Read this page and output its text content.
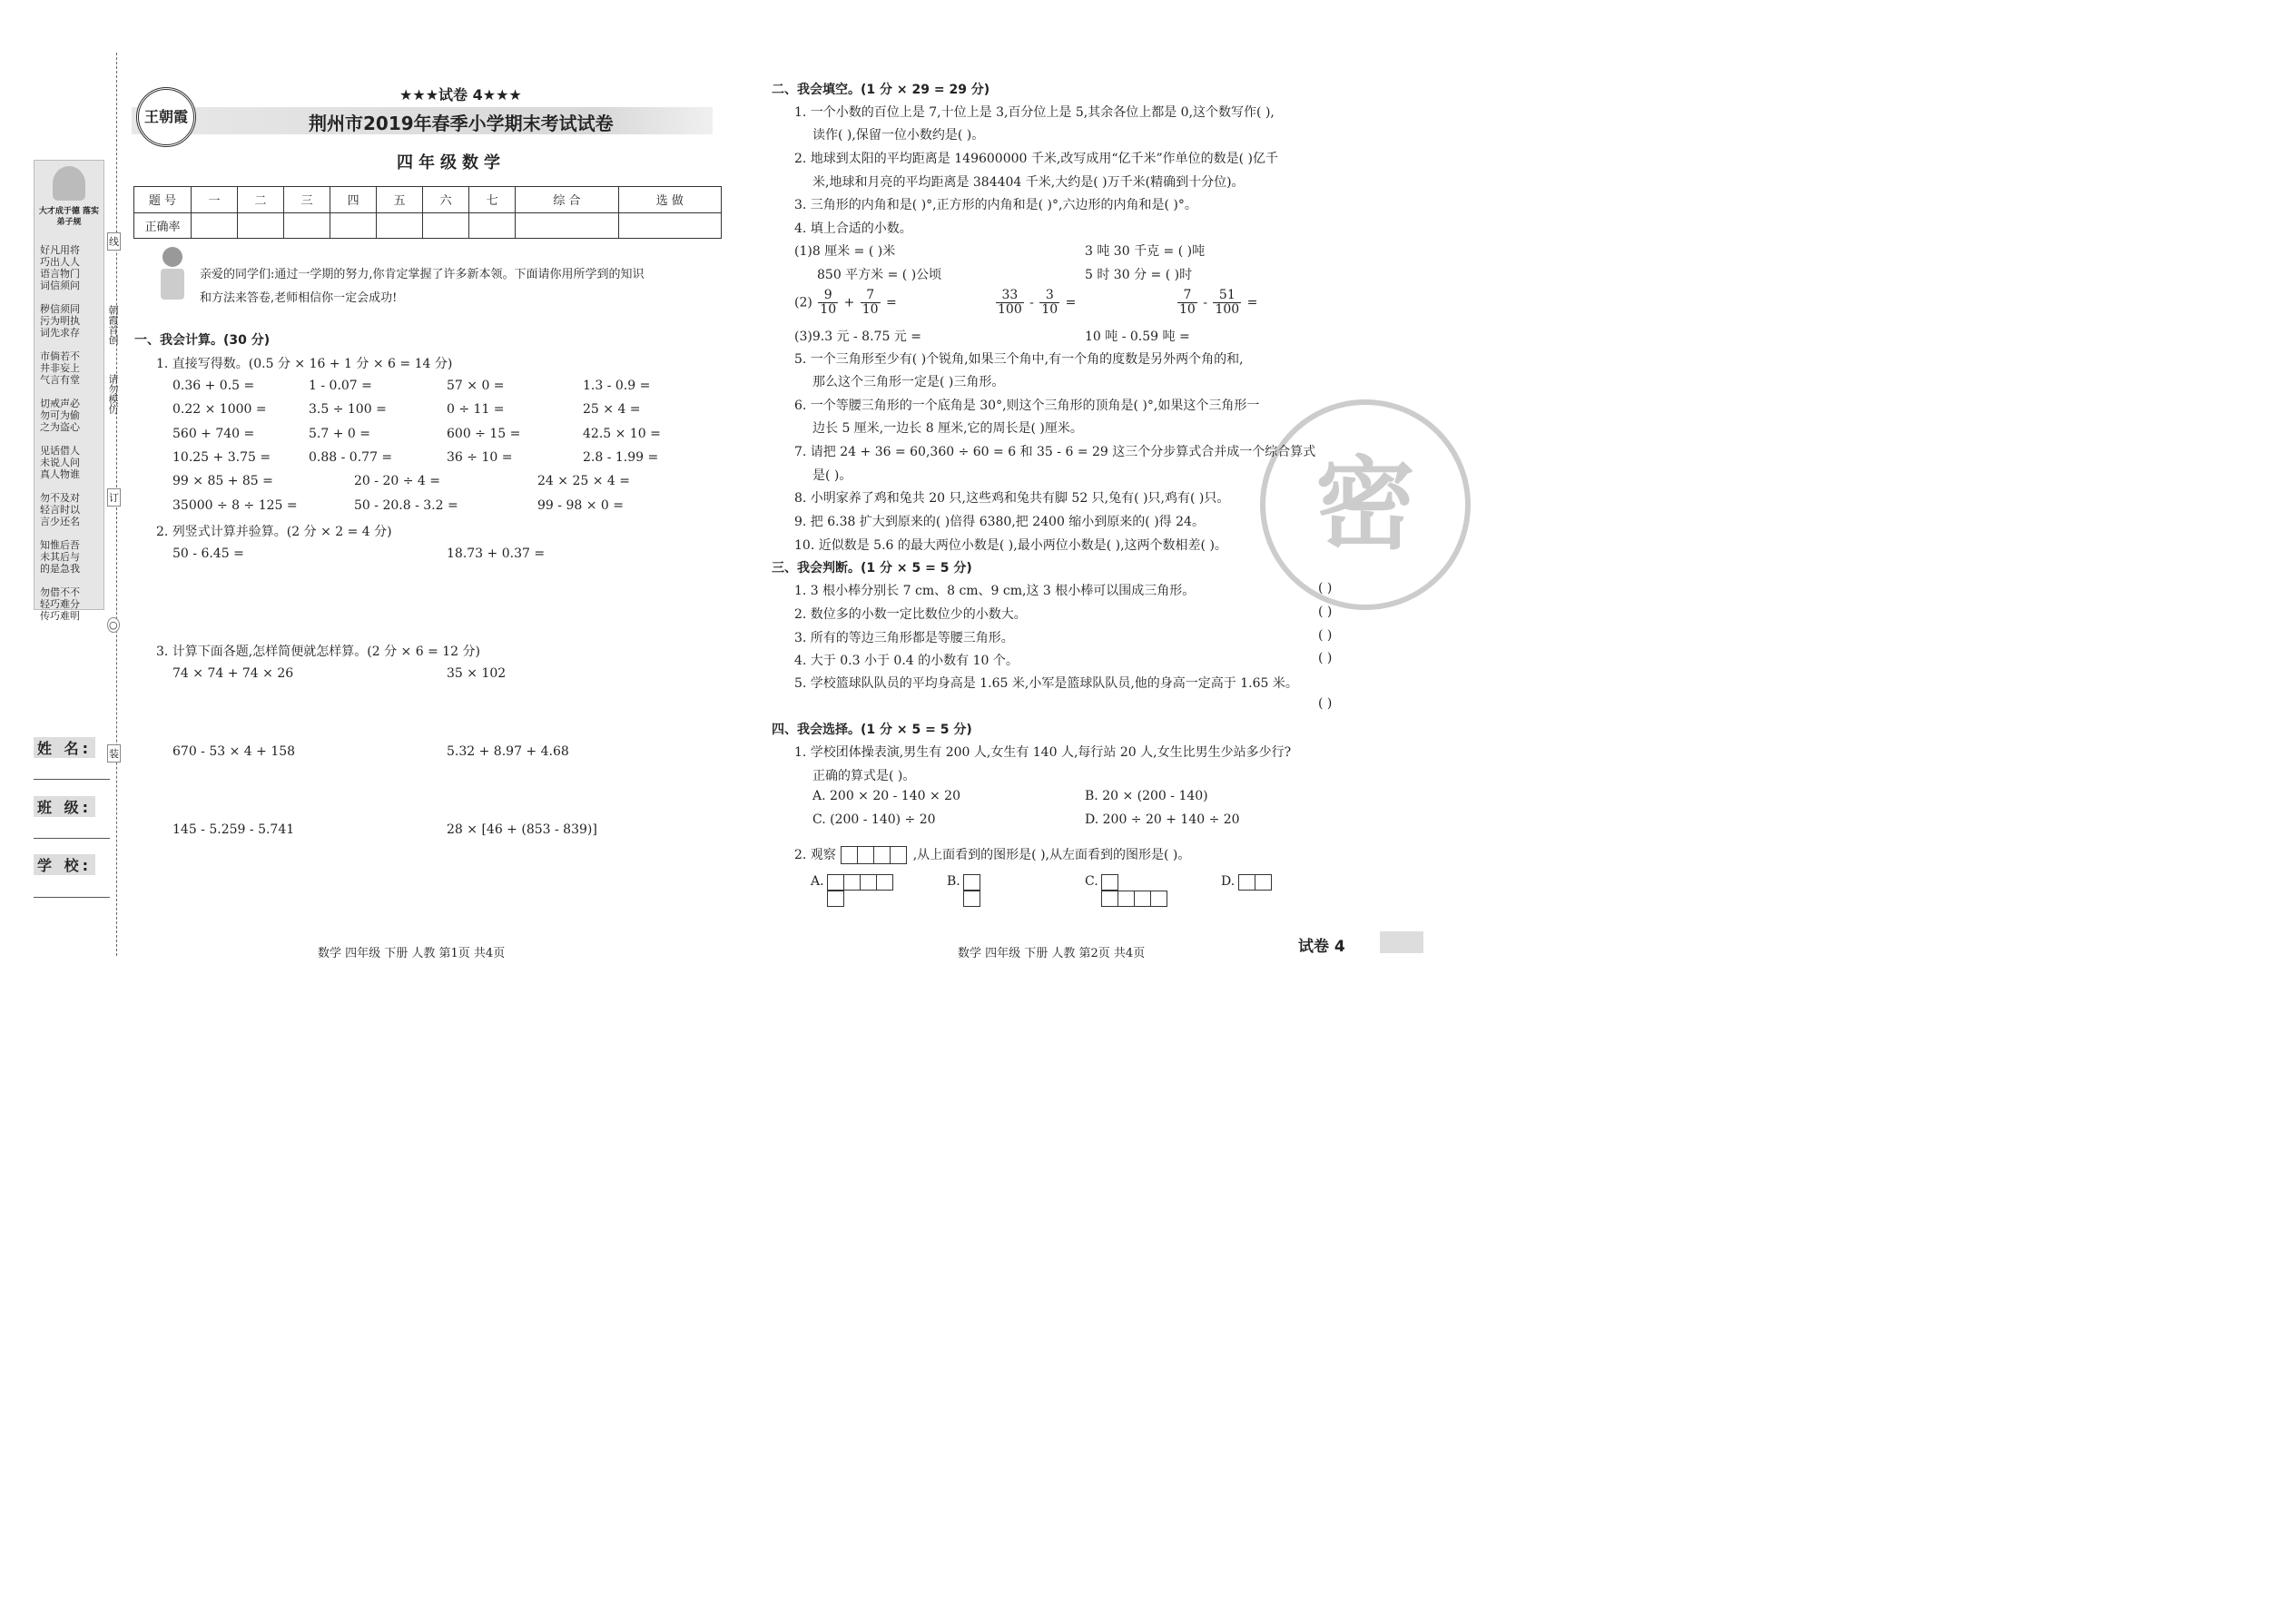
大才成于德 落实弟子规
好凡用将
巧出人人
语言物门
词信须问

秽信须同
污为明执
词先求存

市倘若不
井非妄上
气言有堂

切戒声必
勿可为偷
之为盗心

见话借人
未说人问
真人物谁

勿不及对
轻言时以
言少还名

知惟后吾
未其后与
的是急我

勿借不不
轻巧难分
传巧难明
线
朝霞首创
请勿模仿
订
○
装
姓 名:
班 级:
学 校:
王朝霞
★★★试卷 4★★★
荆州市2019年春季小学期末考试试卷
四年级数学
题 号	一	二	三	四	五	六	七	综 合	选 做
正确率									
亲爱的同学们:通过一学期的努力,你肯定掌握了许多新本领。下面请你用所学到的知识
和方法来答卷,老师相信你一定会成功!
一、我会计算。(30 分)
1. 直接写得数。(0.5 分 × 16 + 1 分 × 6 = 14 分)
0.36 + 0.5 =	1 - 0.07 =	57 × 0 =	1.3 - 0.9 =
0.22 × 1000 =	3.5 ÷ 100 =	0 ÷ 11 =	25 × 4 =
560 + 740 =	5.7 + 0 =	600 ÷ 15 =	42.5 × 10 =
10.25 + 3.75 =	0.88 - 0.77 =	36 ÷ 10 =	2.8 - 1.99 =
99 × 85 + 85 =	20 - 20 ÷ 4 =	24 × 25 × 4 =
35000 ÷ 8 ÷ 125 =	50 - 20.8 - 3.2 =	99 - 98 × 0 =
2. 列竖式计算并验算。(2 分 × 2 = 4 分)
50 - 6.45 =	18.73 + 0.37 =
3. 计算下面各题,怎样简便就怎样算。(2 分 × 6 = 12 分)
74 × 74 + 74 × 26	35 × 102
670 - 53 × 4 + 158	5.32 + 8.97 + 4.68
145 - 5.259 - 5.741	28 × [46 + (853 - 839)]
数学 四年级 下册 人教 第1页 共4页
密
二、我会填空。(1 分 × 29 = 29 分)
1. 一个小数的百位上是 7,十位上是 3,百分位上是 5,其余各位上都是 0,这个数写作( ),
读作( ),保留一位小数约是( )。
2. 地球到太阳的平均距离是 149600000 千米,改写成用“亿千米”作单位的数是( )亿千
米,地球和月亮的平均距离是 384404 千米,大约是( )万千米(精确到十分位)。
3. 三角形的内角和是( )°,正方形的内角和是( )°,六边形的内角和是( )°。
4. 填上合适的小数。
(1)8 厘米 = ( )米	3 吨 30 千克 = ( )吨
850 平方米 = ( )公顷	5 时 30 分 = ( )时
$(2) \frac{9}{10} + \frac{7}{10}$ =	$\frac{33}{100} - \frac{3}{10}$ =	$\frac{7}{10} - \frac{51}{100}$ =
(3)9.3 元 - 8.75 元 =	10 吨 - 0.59 吨 =
5. 一个三角形至少有( )个锐角,如果三个角中,有一个角的度数是另外两个角的和,
那么这个三角形一定是( )三角形。
6. 一个等腰三角形的一个底角是 30°,则这个三角形的顶角是( )°,如果这个三角形一
边长 5 厘米,一边长 8 厘米,它的周长是( )厘米。
7. 请把 24 + 36 = 60,360 ÷ 60 = 6 和 35 - 6 = 29 这三个分步算式合并成一个综合算式
是( )。
8. 小明家养了鸡和兔共 20 只,这些鸡和兔共有脚 52 只,兔有( )只,鸡有( )只。
9. 把 6.38 扩大到原来的( )倍得 6380,把 2400 缩小到原来的( )得 24。
10. 近似数是 5.6 的最大两位小数是( ),最小两位小数是( ),这两个数相差( )。
三、我会判断。(1 分 × 5 = 5 分)
1. 3 根小棒分别长 7 cm、8 cm、9 cm,这 3 根小棒可以围成三角形。	( )
2. 数位多的小数一定比数位少的小数大。	( )
3. 所有的等边三角形都是等腰三角形。	( )
4. 大于 0.3 小于 0.4 的小数有 10 个。	( )
5. 学校篮球队队员的平均身高是 1.65 米,小军是篮球队队员,他的身高一定高于 1.65 米。
( )
四、我会选择。(1 分 × 5 = 5 分)
1. 学校团体操表演,男生有 200 人,女生有 140 人,每行站 20 人,女生比男生少站多少行?
正确的算式是( )。
A. 200 × 20 - 140 × 20	B. 20 × (200 - 140)
C. (200 - 140) ÷ 20	D. 200 ÷ 20 + 140 ÷ 20
2. 观察	,从上面看到的图形是( ),从左面看到的图形是( )。
A.	B.	C.	D.
数学 四年级 下册 人教 第2页 共4页	试卷 4
